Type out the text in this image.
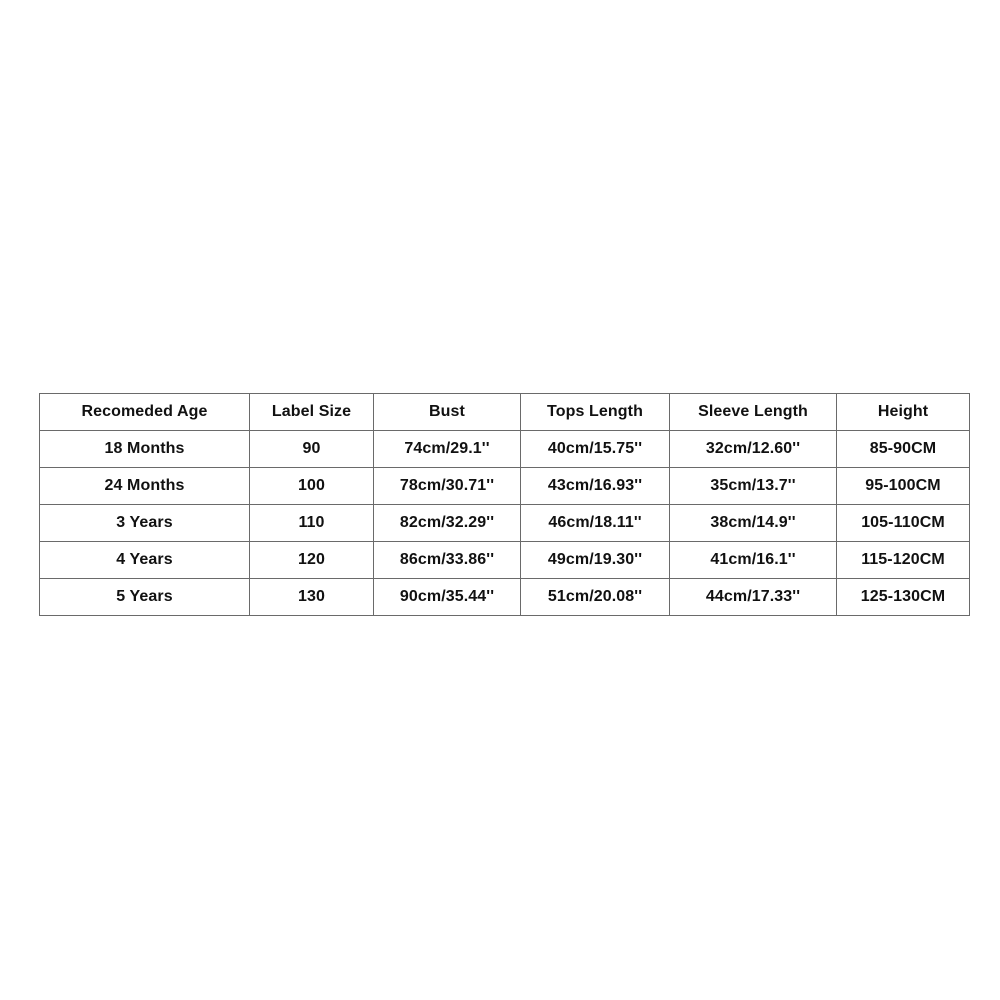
Recomeded Age	Label Size	Bust	Tops Length	Sleeve Length	Height
18 Months	90	74cm/29.1''	40cm/15.75''	32cm/12.60''	85-90CM
24 Months	100	78cm/30.71''	43cm/16.93''	35cm/13.7''	95-100CM
3 Years	110	82cm/32.29''	46cm/18.11''	38cm/14.9''	105-110CM
4 Years	120	86cm/33.86''	49cm/19.30''	41cm/16.1''	115-120CM
5 Years	130	90cm/35.44''	51cm/20.08''	44cm/17.33''	125-130CM
